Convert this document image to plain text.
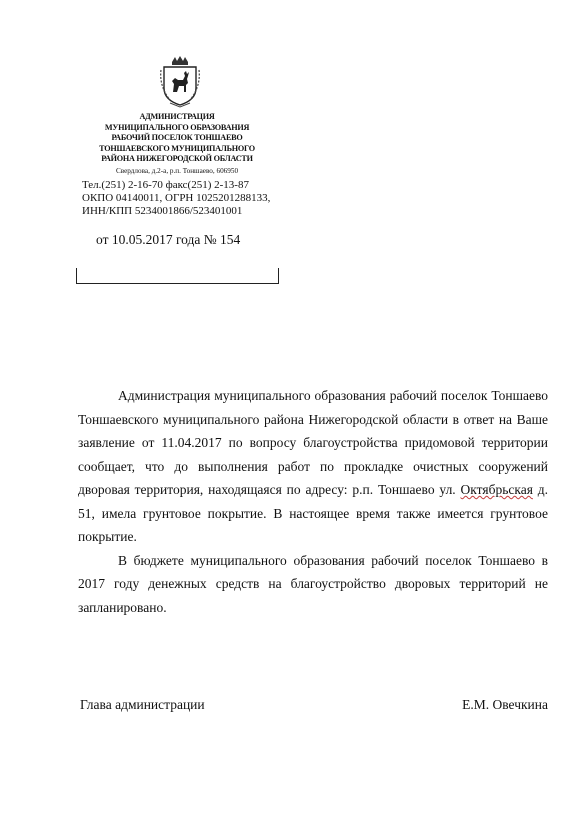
АДМИНИСТРАЦИЯ
МУНИЦИПАЛЬНОГО ОБРАЗОВАНИЯ
РАБОЧИЙ ПОСЕЛОК ТОНШАЕВО
ТОНШАЕВСКОГО МУНИЦИПАЛЬНОГО
РАЙОНА НИЖЕГОРОДСКОЙ ОБЛАСТИ
Свердлова, д.2-а, р.п. Тоншаево, 606950
Тел.(251) 2-16-70 факс(251) 2-13-87
ОКПО 04140011, ОГРН 1025201288133,
ИНН/КПП 5234001866/523401001
от 10.05.2017 года № 154

Администрация муниципального образования рабочий поселок Тоншаево Тоншаевского муниципального района Нижегородской области в ответ на Ваше заявление от 11.04.2017 по вопросу благоустройства придомовой территории сообщает, что до выполнения работ по прокладке очистных сооружений дворовая территория, находящаяся по адресу: р.п. Тоншаево ул. Октябрьская д. 51, имела грунтовое покрытие. В настоящее время также имеется грунтовое покрытие.

В бюджете муниципального образования рабочий поселок Тоншаево в 2017 году денежных средств на благоустройство дворовых территорий не запланировано.

Глава администрации	Е.М. Овечкина
